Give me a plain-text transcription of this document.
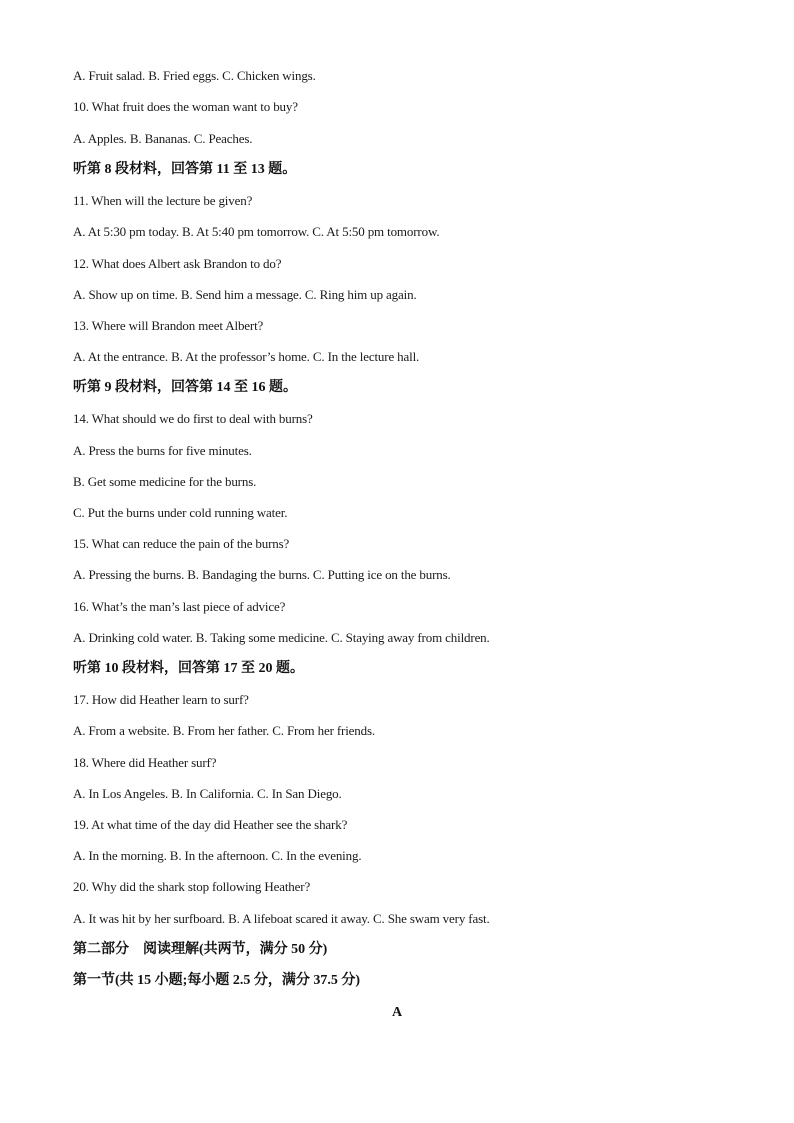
A. Fruit salad. B. Fried eggs. C. Chicken wings.
10. What fruit does the woman want to buy?
A. Apples. B. Bananas. C. Peaches.
听第 8 段材料，回答第 11 至 13 题。
11. When will the lecture be given?
A. At 5:30 pm today. B. At 5:40 pm tomorrow. C. At 5:50 pm tomorrow.
12. What does Albert ask Brandon to do?
A. Show up on time. B. Send him a message. C. Ring him up again.
13. Where will Brandon meet Albert?
A. At the entrance. B. At the professor’s home. C. In the lecture hall.
听第 9 段材料，回答第 14 至 16 题。
14. What should we do first to deal with burns?
A. Press the burns for five minutes.
B. Get some medicine for the burns.
C. Put the burns under cold running water.
15. What can reduce the pain of the burns?
A. Pressing the burns. B. Bandaging the burns. C. Putting ice on the burns.
16. What’s the man’s last piece of advice?
A. Drinking cold water. B. Taking some medicine. C. Staying away from children.
听第 10 段材料，回答第 17 至 20 题。
17. How did Heather learn to surf?
A. From a website. B. From her father. C. From her friends.
18. Where did Heather surf?
A. In Los Angeles. B. In California. C. In San Diego.
19. At what time of the day did Heather see the shark?
A. In the morning. B. In the afternoon. C. In the evening.
20. Why did the shark stop following Heather?
A. It was hit by her surfboard. B. A lifeboat scared it away. C. She swam very fast.
第二部分　阅读理解(共两节，满分 50 分)
第一节(共 15 小题;每小题 2.5 分，满分 37.5 分)
A
